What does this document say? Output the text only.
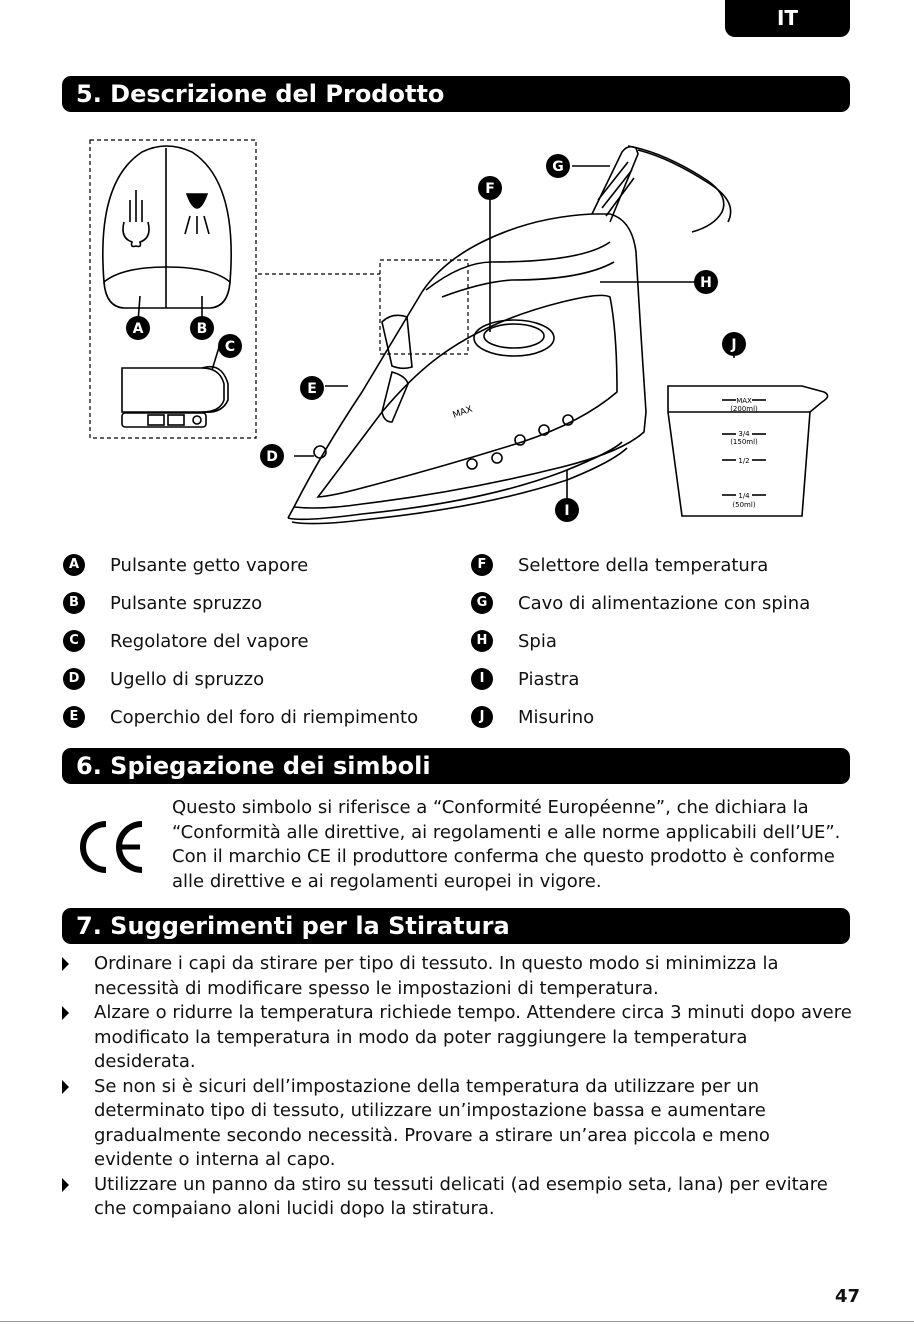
IT
5. Descrizione del Prodotto
MAX
MAX
(200ml)
3/4
(150ml)
1/2
1/4
(50ml)
A	B
C
D
E
F
G
H
I
J
A	Pulsante getto vapore
B	Pulsante spruzzo
C	Regolatore del vapore
D	Ugello di spruzzo
E	Coperchio del foro di riempimento
F	Selettore della temperatura
G	Cavo di alimentazione con spina
H	Spia
I	Piastra
J	Misurino
6. Spiegazione dei simboli
Questo simbolo si riferisce a “Conformité Européenne”, che dichiara la “Conformità alle direttive, ai regolamenti e alle norme applicabili dell’UE”. Con il marchio CE il produttore conferma che questo prodotto è conforme alle direttive e ai regolamenti europei in vigore.
7. Suggerimenti per la Stiratura
Ordinare i capi da stirare per tipo di tessuto. In questo modo si minimizza la necessità di modificare spesso le impostazioni di temperatura.
Alzare o ridurre la temperatura richiede tempo. Attendere circa 3 minuti dopo avere modificato la temperatura in modo da poter raggiungere la temperatura desiderata.
Se non si è sicuri dell’impostazione della temperatura da utilizzare per un determinato tipo di tessuto, utilizzare un’impostazione bassa e aumentare gradualmente secondo necessità. Provare a stirare un’area piccola e meno evidente o interna al capo.
Utilizzare un panno da stiro su tessuti delicati (ad esempio seta, lana) per evitare che compaiano aloni lucidi dopo la stiratura.
47
